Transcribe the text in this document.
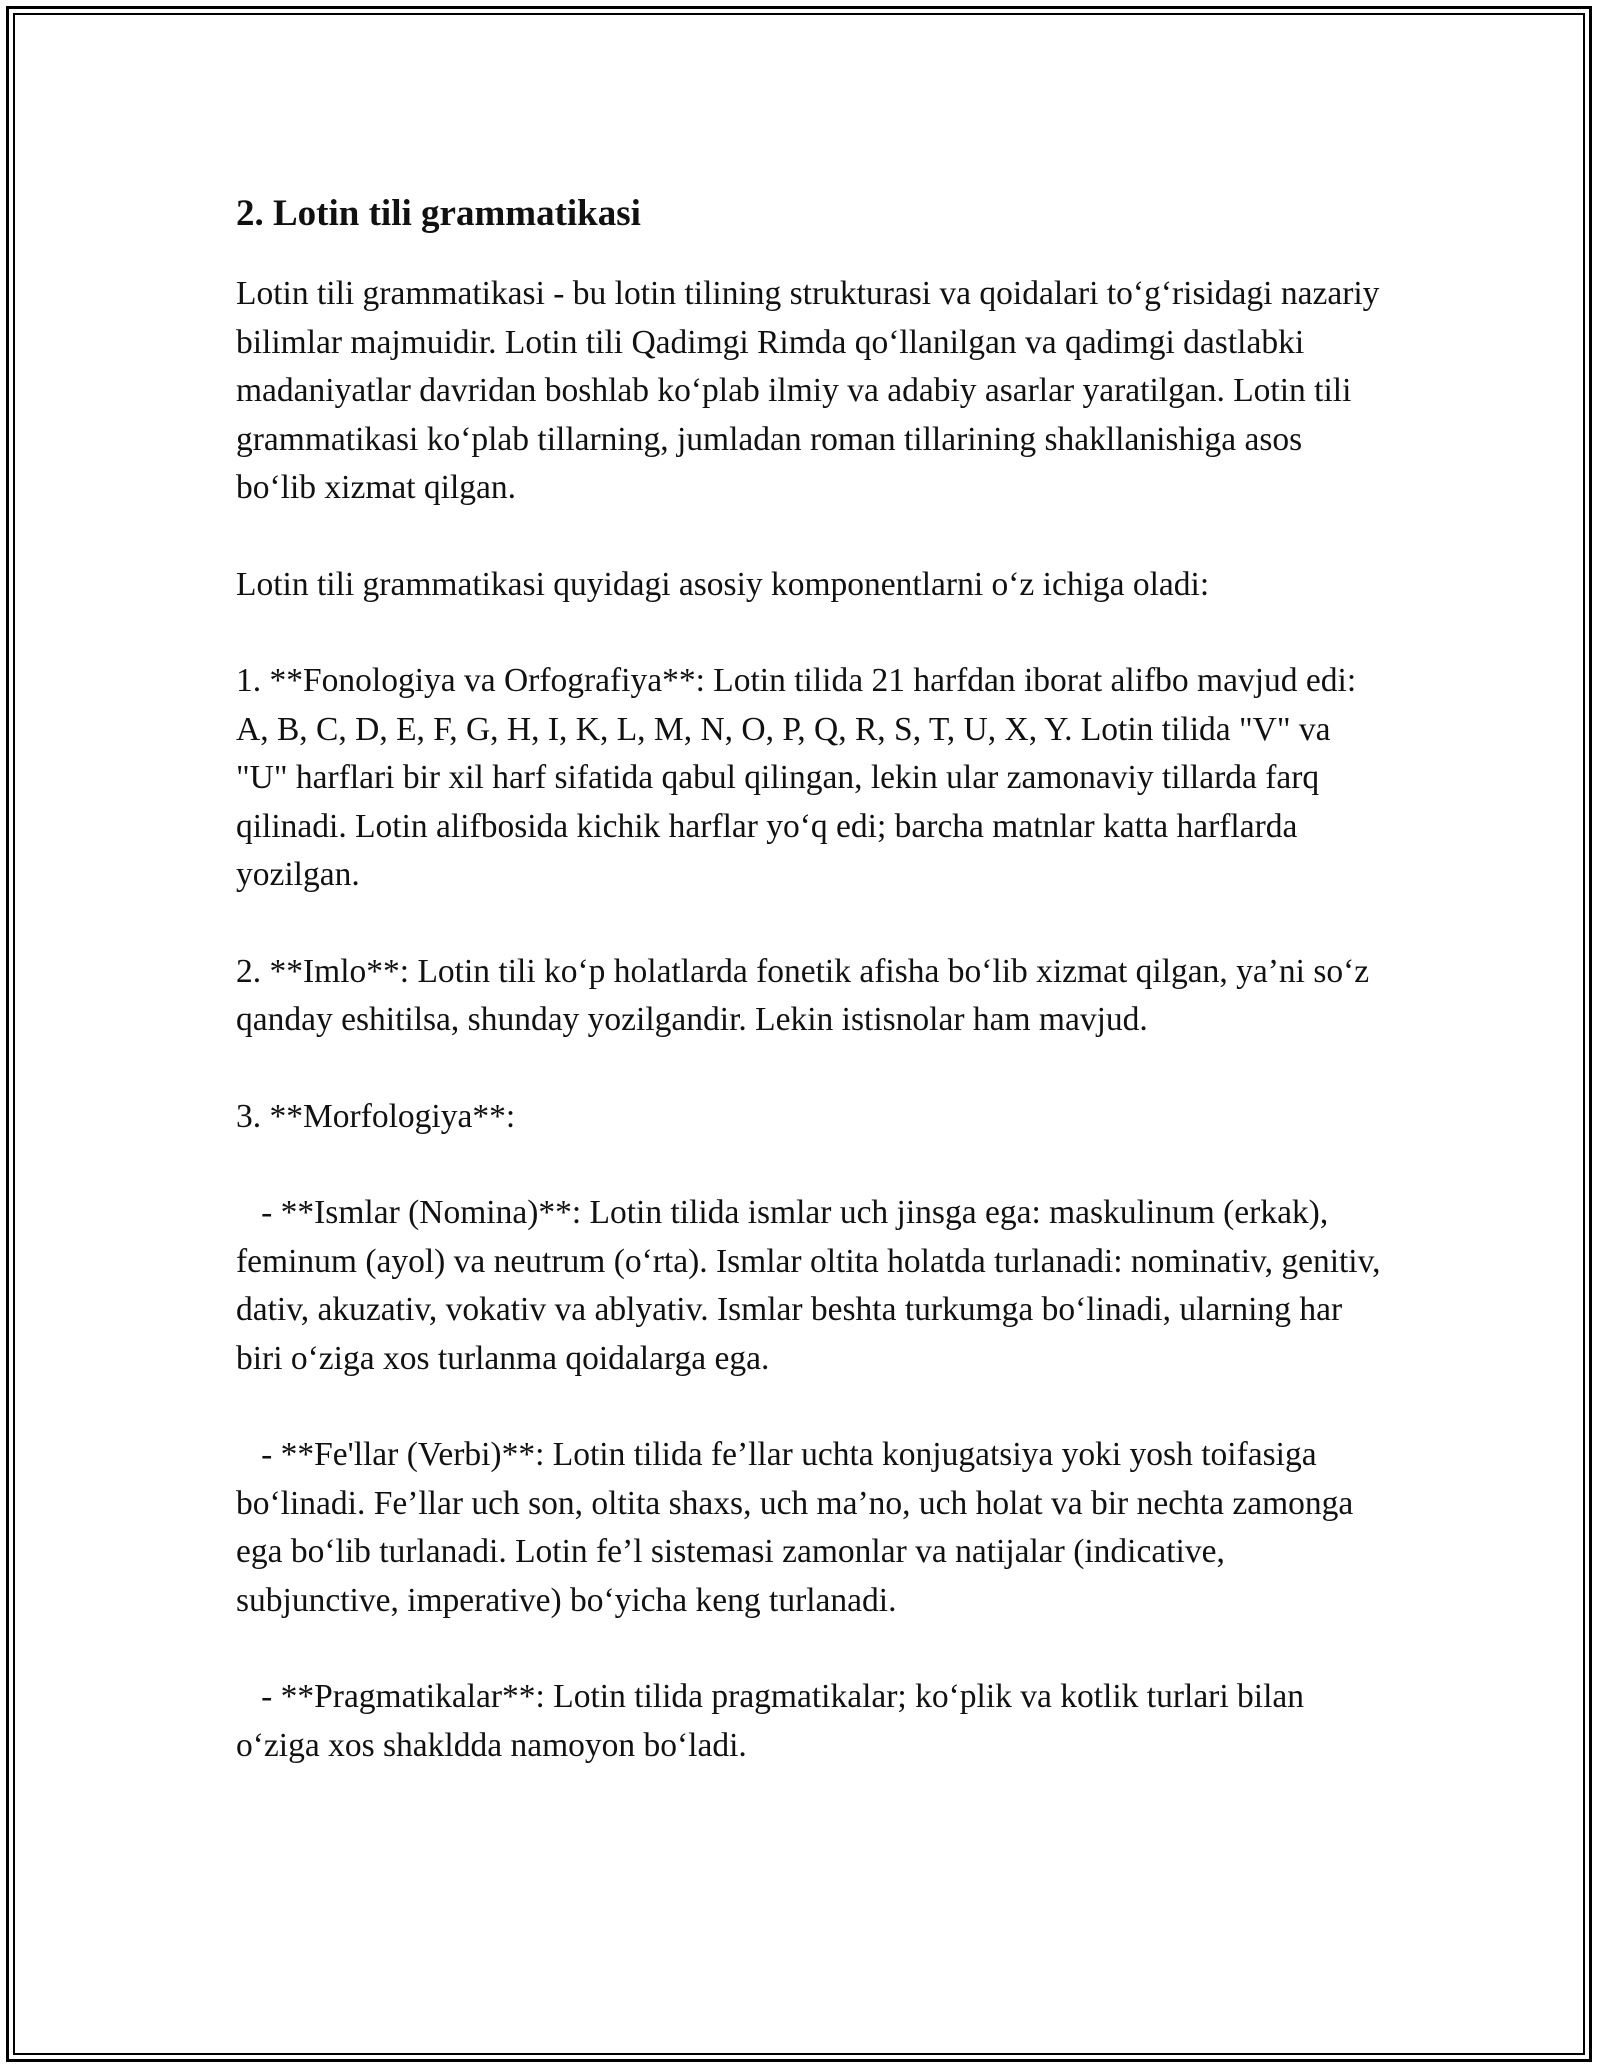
2. Lotin tili grammatikasi

Lotin tili grammatikasi - bu lotin tilining strukturasi va qoidalari to‘g‘risidagi nazariy bilimlar majmuidir. Lotin tili Qadimgi Rimda qo‘llanilgan va qadimgi dastlabki madaniyatlar davridan boshlab ko‘plab ilmiy va adabiy asarlar yaratilgan. Lotin tili grammatikasi ko‘plab tillarning, jumladan roman tillarining shakllanishiga asos bo‘lib xizmat qilgan.

Lotin tili grammatikasi quyidagi asosiy komponentlarni o‘z ichiga oladi:

1. **Fonologiya va Orfografiya**: Lotin tilida 21 harfdan iborat alifbo mavjud edi: A, B, C, D, E, F, G, H, I, K, L, M, N, O, P, Q, R, S, T, U, X, Y. Lotin tilida "V" va "U" harflari bir xil harf sifatida qabul qilingan, lekin ular zamonaviy tillarda farq qilinadi. Lotin alifbosida kichik harflar yo‘q edi; barcha matnlar katta harflarda yozilgan.

2. **Imlo**: Lotin tili ko‘p holatlarda fonetik afisha bo‘lib xizmat qilgan, ya’ni so‘z qanday eshitilsa, shunday yozilgandir. Lekin istisnolar ham mavjud.

3. **Morfologiya**:

- **Ismlar (Nomina)**: Lotin tilida ismlar uch jinsga ega: maskulinum (erkak), feminum (ayol) va neutrum (o‘rta). Ismlar oltita holatda turlanadi: nominativ, genitiv, dativ, akuzativ, vokativ va ablyativ. Ismlar beshta turkumga bo‘linadi, ularning har biri o‘ziga xos turlanma qoidalarga ega.

- **Fe'llar (Verbi)**: Lotin tilida fe’llar uchta konjugatsiya yoki yosh toifasiga bo‘linadi. Fe’llar uch son, oltita shaxs, uch ma’no, uch holat va bir nechta zamonga ega bo‘lib turlanadi. Lotin fe’l sistemasi zamonlar va natijalar (indicative, subjunctive, imperative) bo‘yicha keng turlanadi.

- **Pragmatikalar**: Lotin tilida pragmatikalar; ko‘plik va kotlik turlari bilan o‘ziga xos shakldda namoyon bo‘ladi.
